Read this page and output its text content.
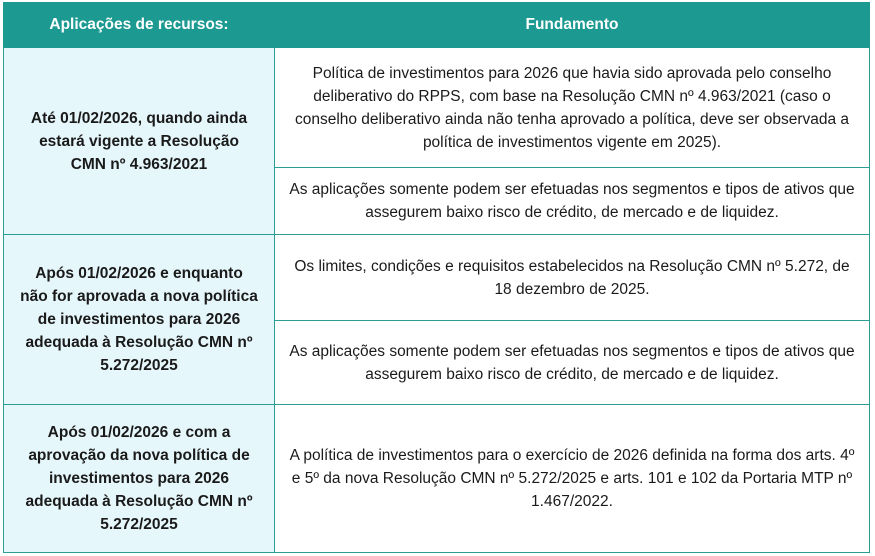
Aplicações de recursos:	Fundamento
Até 01/02/2026, quando ainda estará vigente a Resolução CMN nº 4.963/2021	Política de investimentos para 2026 que havia sido aprovada pelo conselho deliberativo do RPPS, com base na Resolução CMN nº 4.963/2021 (caso o conselho deliberativo ainda não tenha aprovado a política, deve ser observada a política de investimentos vigente em 2025).
	As aplicações somente podem ser efetuadas nos segmentos e tipos de ativos que assegurem baixo risco de crédito, de mercado e de liquidez.
Após 01/02/2026 e enquanto não for aprovada a nova política de investimentos para 2026 adequada à Resolução CMN nº 5.272/2025	Os limites, condições e requisitos estabelecidos na Resolução CMN nº 5.272, de 18 dezembro de 2025.
	As aplicações somente podem ser efetuadas nos segmentos e tipos de ativos que assegurem baixo risco de crédito, de mercado e de liquidez.
Após 01/02/2026 e com a aprovação da nova política de investimentos para 2026 adequada à Resolução CMN nº 5.272/2025	A política de investimentos para o exercício de 2026 definida na forma dos arts. 4º e 5º da nova Resolução CMN nº 5.272/2025 e arts. 101 e 102 da Portaria MTP nº 1.467/2022.
